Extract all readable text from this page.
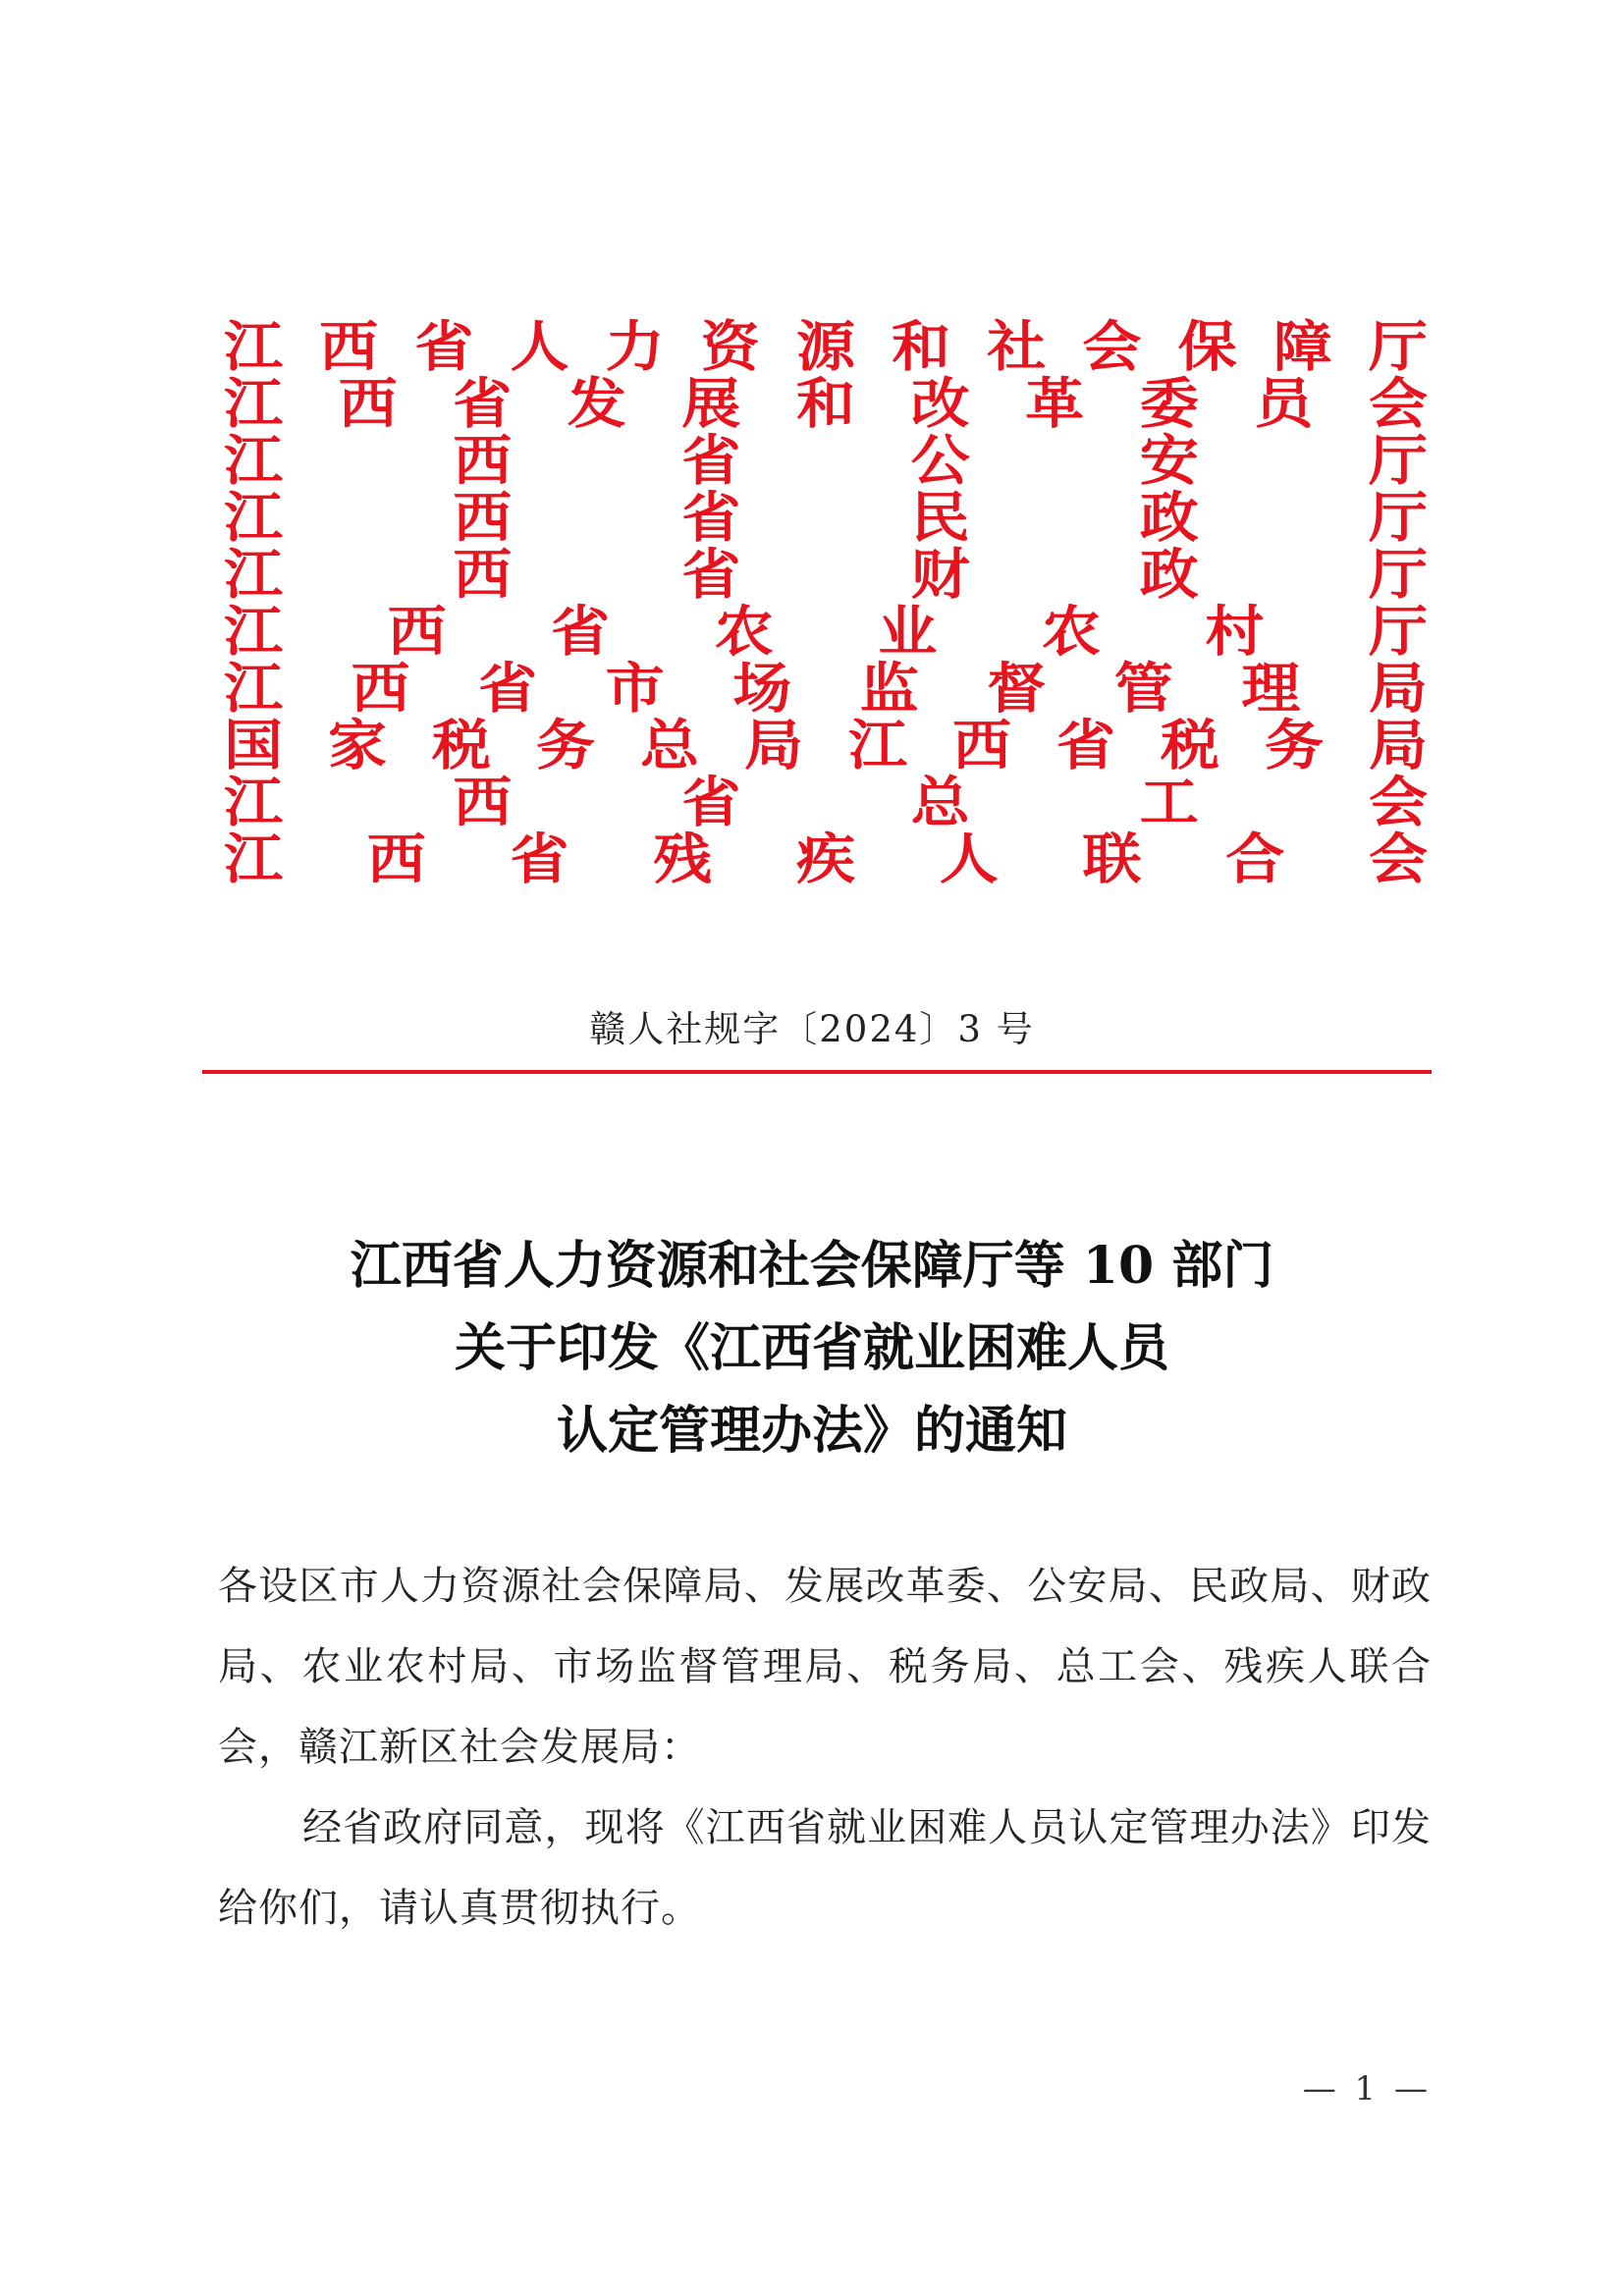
江 西 省 人 力 资 源 和 社 会 保 障 厅
江 西 省 发 展 和 改 革 委 员 会
江	西	省	公	安	厅
江	西	省	民	政	厅
江	西	省	财	政	厅
江 西 省 农 业 农 村 厅
江 西 省 市 场 监 督 管 理 局
国 家 税 务 总 局 江 西 省 税 务 局
江	西	省	总	工	会
江 西 省 残 疾 人 联 合 会
赣人社规字〔2024〕3 号
江西省人力资源和社会保障厅等 10 部门
关于印发《江西省就业困难人员
认定管理办法》的通知

各设区市人力资源社会保障局、发展改革委、公安局、民政局、财政局、农业农村局、市场监督管理局、税务局、总工会、残疾人联合会，赣江新区社会发展局：

经省政府同意，现将《江西省就业困难人员认定管理办法》印发给你们，请认真贯彻执行。

— 1 —
